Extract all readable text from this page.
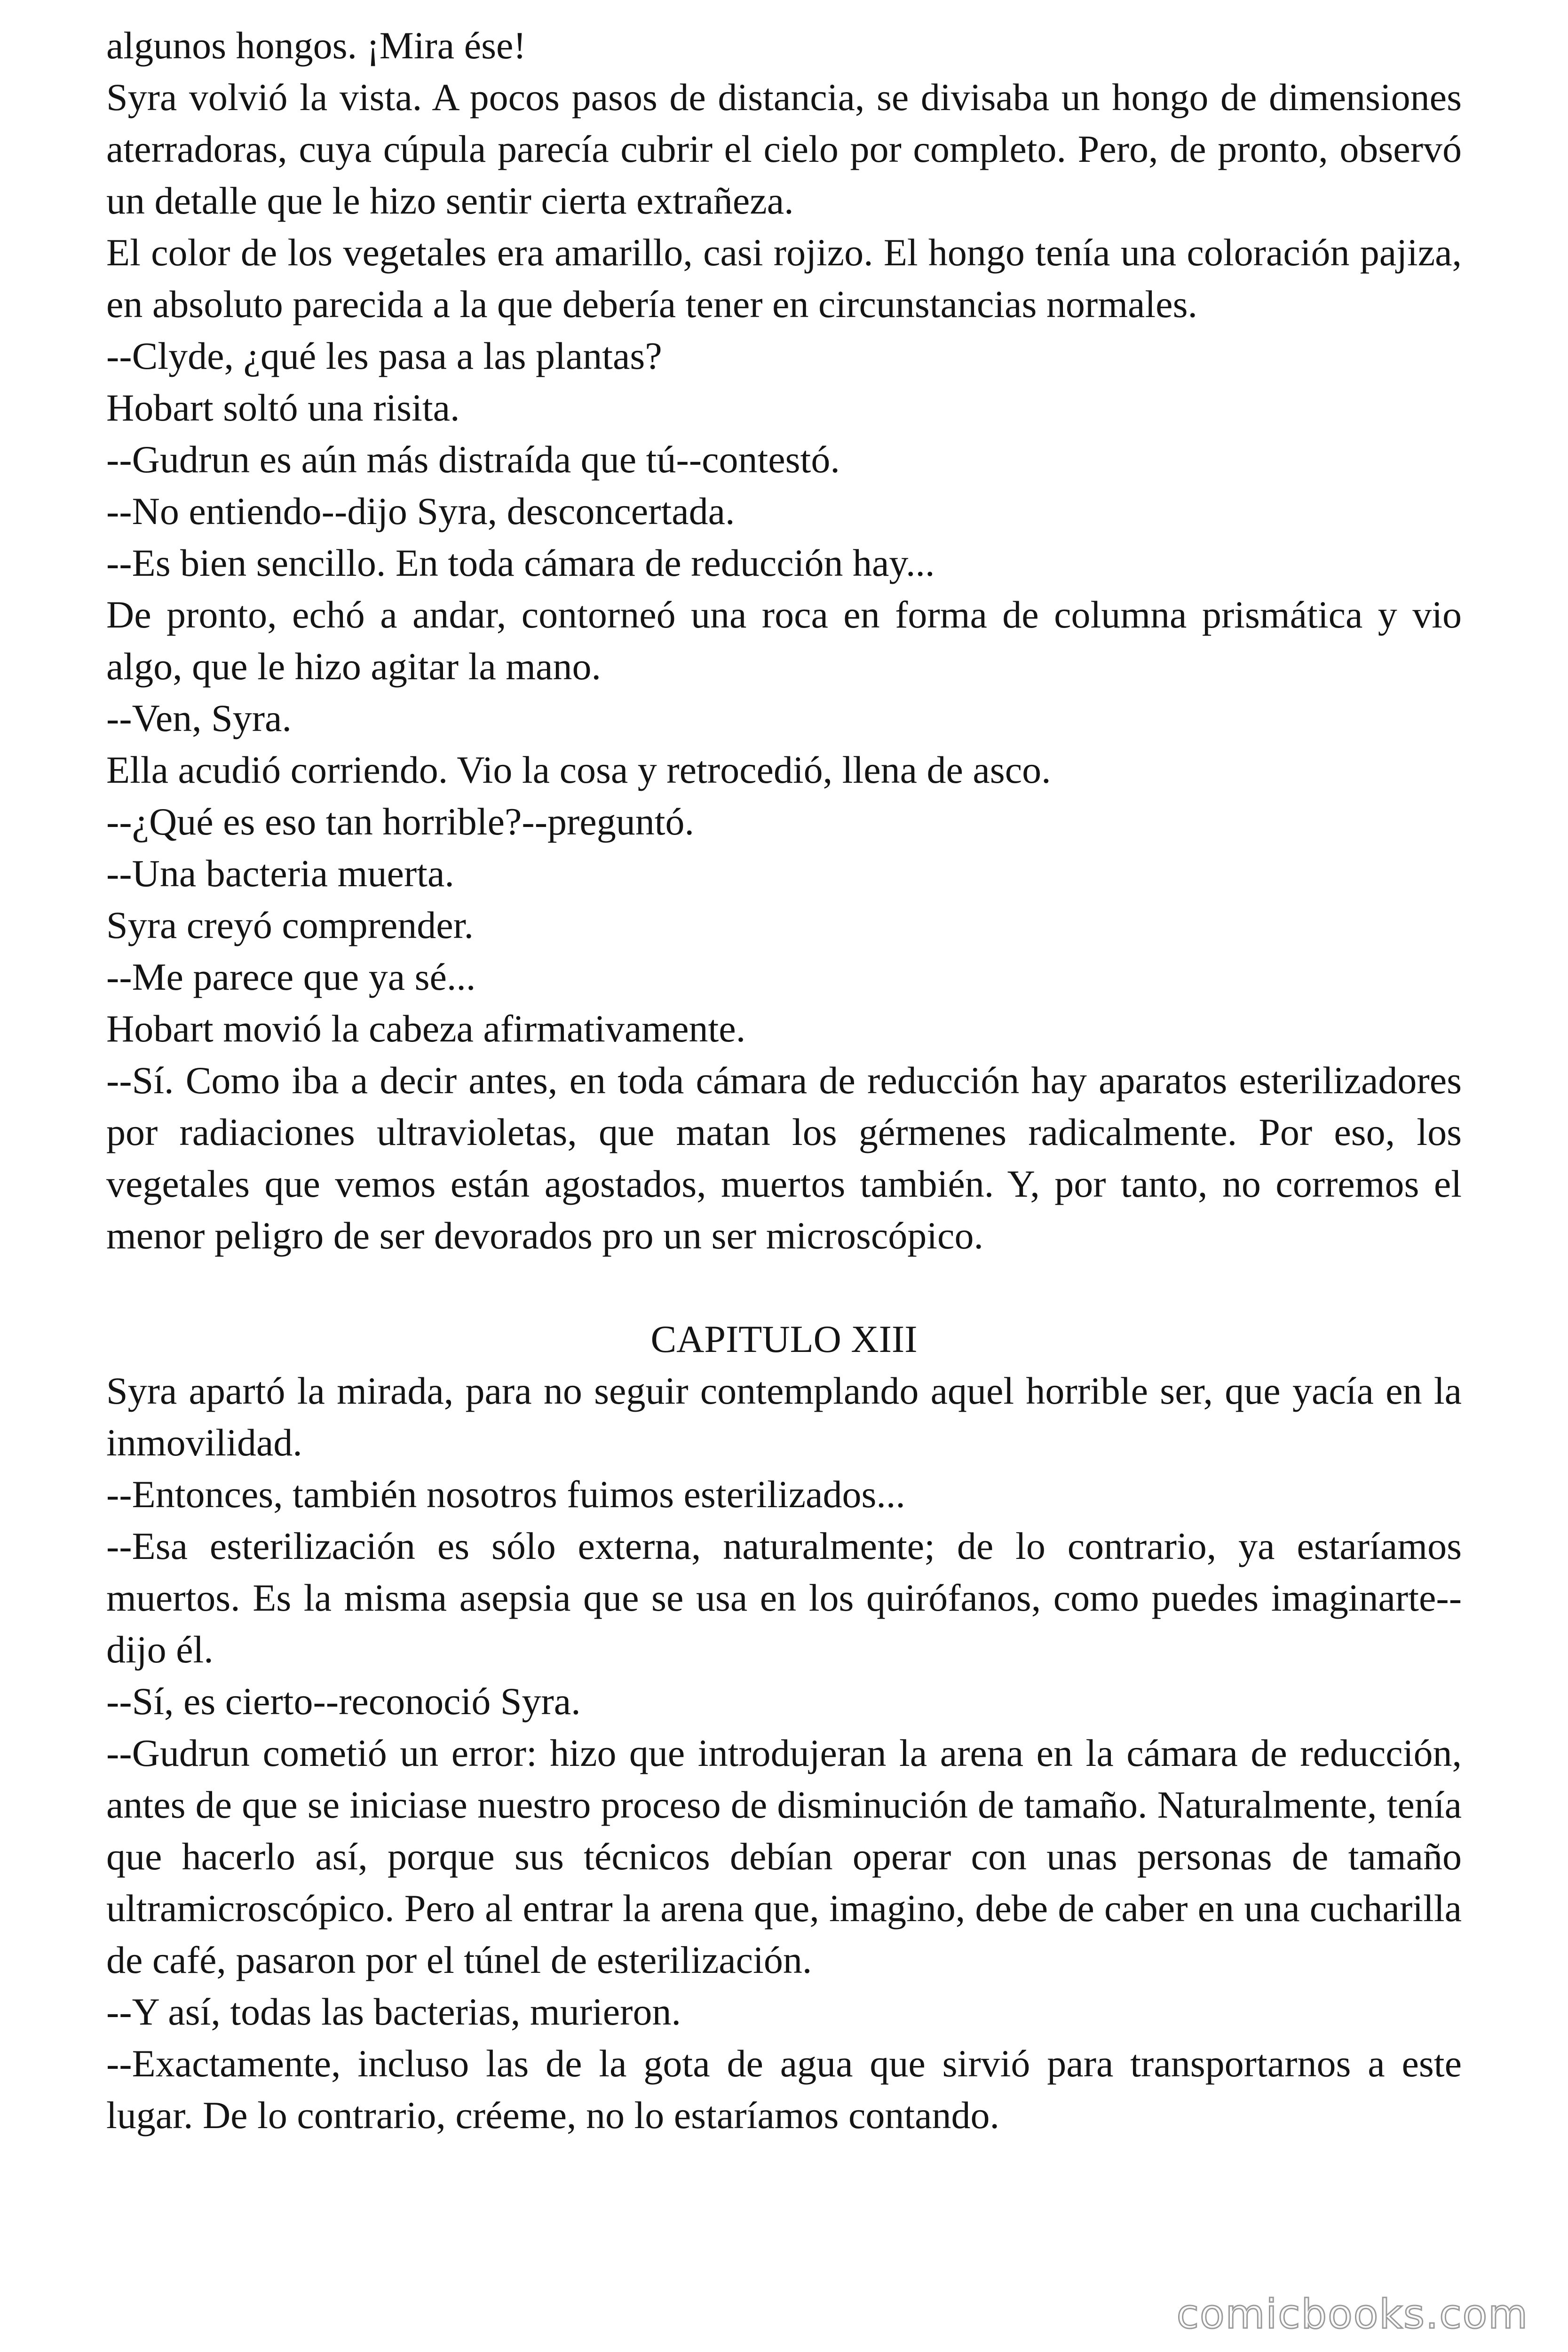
algunos hongos. ¡Mira ése!

Syra volvió la vista. A pocos pasos de distancia, se divisaba un hongo de dimensiones aterradoras, cuya cúpula parecía cubrir el cielo por completo. Pero, de pronto, observó un detalle que le hizo sentir cierta extrañeza.

El color de los vegetales era amarillo, casi rojizo. El hongo tenía una coloración pajiza, en absoluto parecida a la que debería tener en circunstancias normales.

--Clyde, ¿qué les pasa a las plantas?

Hobart soltó una risita.

--Gudrun es aún más distraída que tú--contestó.

--No entiendo--dijo Syra, desconcertada.

--Es bien sencillo. En toda cámara de reducción hay...

De pronto, echó a andar, contorneó una roca en forma de columna prismática y vio algo, que le hizo agitar la mano.

--Ven, Syra.

Ella acudió corriendo. Vio la cosa y retrocedió, llena de asco.

--¿Qué es eso tan horrible?--preguntó.

--Una bacteria muerta.

Syra creyó comprender.

--Me parece que ya sé...

Hobart movió la cabeza afirmativamente.

--Sí. Como iba a decir antes, en toda cámara de reducción hay aparatos esterilizadores por radiaciones ultravioletas, que matan los gérmenes radicalmente. Por eso, los vegetales que vemos están agostados, muertos también. Y, por tanto, no corremos el menor peligro de ser devorados pro un ser microscópico.

CAPITULO XIII

Syra apartó la mirada, para no seguir contemplando aquel horrible ser, que yacía en la inmovilidad.

--Entonces, también nosotros fuimos esterilizados...

--Esa esterilización es sólo externa, naturalmente; de lo contrario, ya estaríamos muertos. Es la misma asepsia que se usa en los quirófanos, como puedes imaginarte--dijo él.

--Sí, es cierto--reconoció Syra.

--Gudrun cometió un error: hizo que introdujeran la arena en la cámara de reducción, antes de que se iniciase nuestro proceso de disminución de tamaño. Naturalmente, tenía que hacerlo así, porque sus técnicos debían operar con unas personas de tamaño ultramicroscópico. Pero al entrar la arena que, imagino, debe de caber en una cucharilla de café, pasaron por el túnel de esterilización.

--Y así, todas las bacterias, murieron.

--Exactamente, incluso las de la gota de agua que sirvió para transportarnos a este lugar. De lo contrario, créeme, no lo estaríamos contando.

comicbooks.com
